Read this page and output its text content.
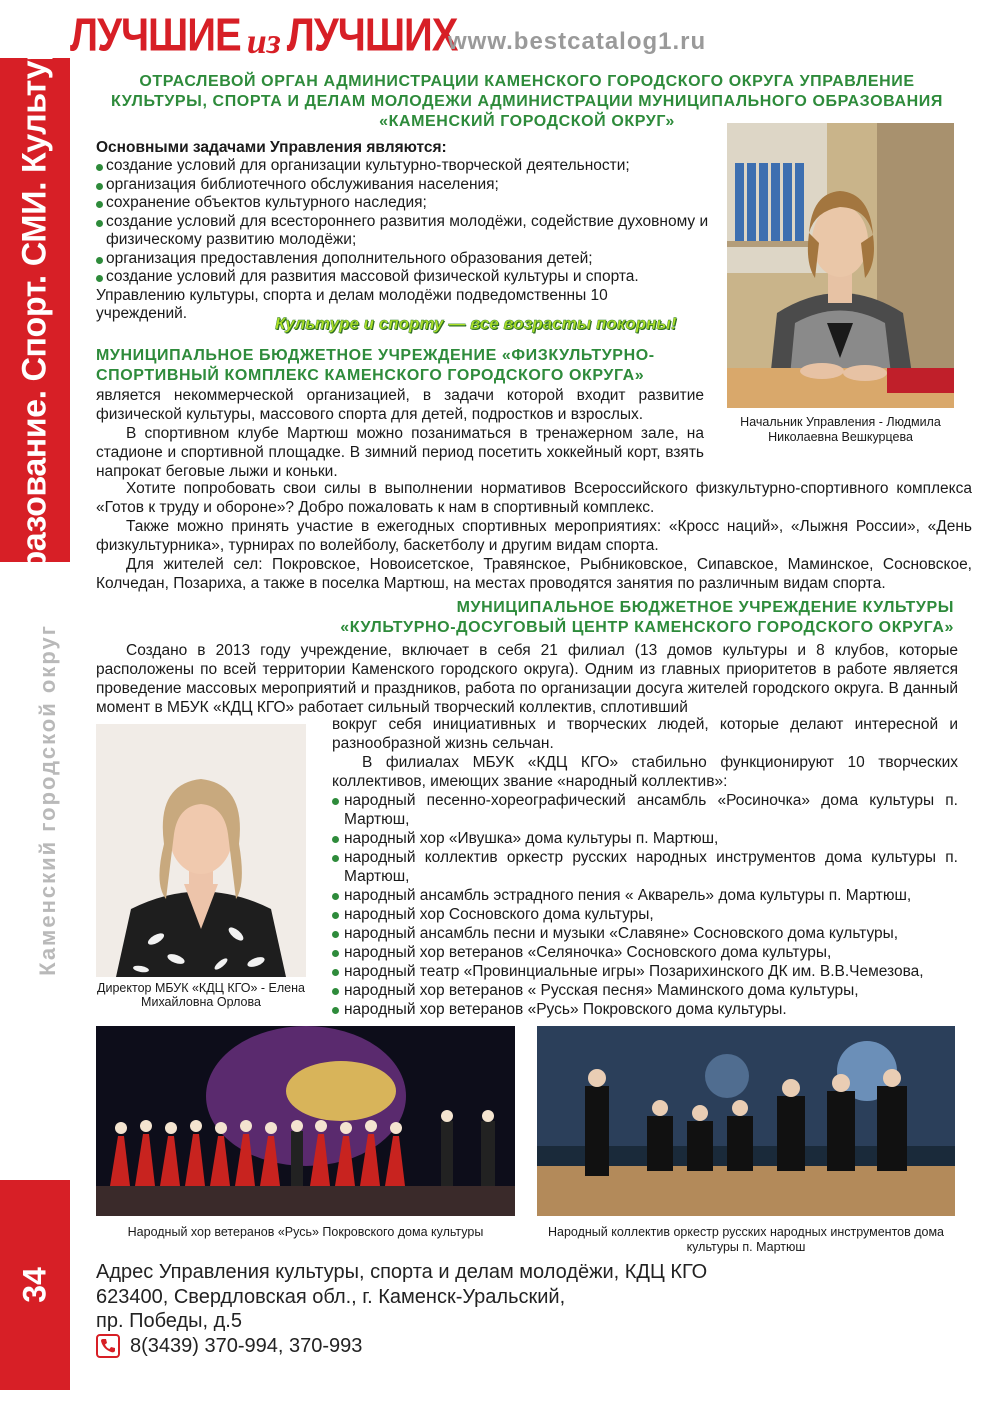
Образование. Спорт. СМИ. Культура
Каменский городской округ
34
ЛУЧШИЕ из ЛУЧШИХ
www.bestcatalog1.ru
ОТРАСЛЕВОЙ ОРГАН АДМИНИСТРАЦИИ КАМЕНСКОГО ГОРОДСКОГО ОКРУГА УПРАВЛЕНИЕ КУЛЬТУРЫ, СПОРТА И ДЕЛАМ МОЛОДЕЖИ АДМИНИСТРАЦИИ МУНИЦИПАЛЬНОГО ОБРАЗОВАНИЯ «КАМЕНСКИЙ ГОРОДСКОЙ ОКРУГ»
Основными задачами Управления являются:
создание условий для организации культурно-творческой деятельности;
организация библиотечного обслуживания населения;
сохранение объектов культурного наследия;
создание условий для всестороннего развития молодёжи, содействие духовному и физическому развитию молодёжи;
организация предоставления дополнительного образования детей;
создание условий для развития массовой физической культуры и спорта.
Управлению культуры, спорта и делам молодёжи подведомственны 10 учреждений.
Начальник Управления - Людмила Николаевна Вешкурцева
Культуре и спорту — все возрасты покорны!
МУНИЦИПАЛЬНОЕ БЮДЖЕТНОЕ УЧРЕЖДЕНИЕ «ФИЗКУЛЬТУРНО-СПОРТИВНЫЙ КОМПЛЕКС КАМЕНСКОГО ГОРОДСКОГО ОКРУГА»

является некоммерческой организацией, в задачи которой входит развитие физической культуры, массового спорта для детей, подростков и взрослых.

В спортивном клубе Мартюш можно позаниматься в тренажерном зале, на стадионе и спортивной площадке. В зимний период посетить хоккейный корт, взять напрокат беговые лыжи и коньки.

Хотите попробовать свои силы в выполнении нормативов Всероссийского физкультурно-спортивного комплекса «Готов к труду и обороне»? Добро пожаловать к нам в спортивный комплекс.

Также можно принять участие в ежегодных спортивных мероприятиях: «Кросс наций», «Лыжня России», «День физкультурника», турнирах по волейболу, баскетболу и другим видам спорта.

Для жителей сел: Покровское, Новоисетское, Травянское, Рыбниковское, Сипавское, Маминское, Сосновское, Колчедан, Позариха, а также в поселка Мартюш, на местах проводятся занятия по различным видам спорта.

МУНИЦИПАЛЬНОЕ БЮДЖЕТНОЕ УЧРЕЖДЕНИЕ КУЛЬТУРЫ
«КУЛЬТУРНО-ДОСУГОВЫЙ ЦЕНТР КАМЕНСКОГО ГОРОДСКОГО ОКРУГА»

Создано в 2013 году учреждение, включает в себя 21 филиал (13 домов культуры и 8 клубов, которые расположены по всей территории Каменского городского округа). Одним из главных приоритетов в работе является проведение массовых мероприятий и праздников, работа по организации досуга жителей городского округа. В данный момент в МБУК «КДЦ КГО» работает сильный творческий коллектив, сплотивший

вокруг себя инициативных и творческих людей, которые делают интересной и разнообразной жизнь сельчан.

В филиалах МБУК «КДЦ КГО» стабильно функционируют 10 творческих коллективов, имеющих звание «народный коллектив»:

народный песенно-хореографический ансамбль «Росиночка» дома культуры п. Мартюш,
народный хор «Ивушка» дома культуры п. Мартюш,
народный коллектив оркестр русских народных инструментов дома культуры п. Мартюш,
народный ансамбль эстрадного пения « Акварель» дома культуры п. Мартюш,
народный хор Сосновского дома культуры,
народный ансамбль песни и музыки «Славяне» Сосновского дома культуры,
народный хор ветеранов «Селяночка» Сосновского дома культуры,
народный театр «Провинциальные игры» Позарихинского ДК им. В.В.Чемезова,
народный хор ветеранов « Русская песня» Маминского дома культуры,
народный хор ветеранов «Русь» Покровского дома культуры.
Директор МБУК «КДЦ КГО» - Елена Михайловна Орлова
Народный хор ветеранов «Русь» Покровского дома культуры	Народный коллектив оркестр русских народных инструментов дома культуры п. Мартюш
Адрес Управления культуры, спорта и делам молодёжи, КДЦ КГО
623400, Свердловская обл., г. Каменск-Уральский,
пр. Победы, д.5
8(3439) 370-994, 370-993
